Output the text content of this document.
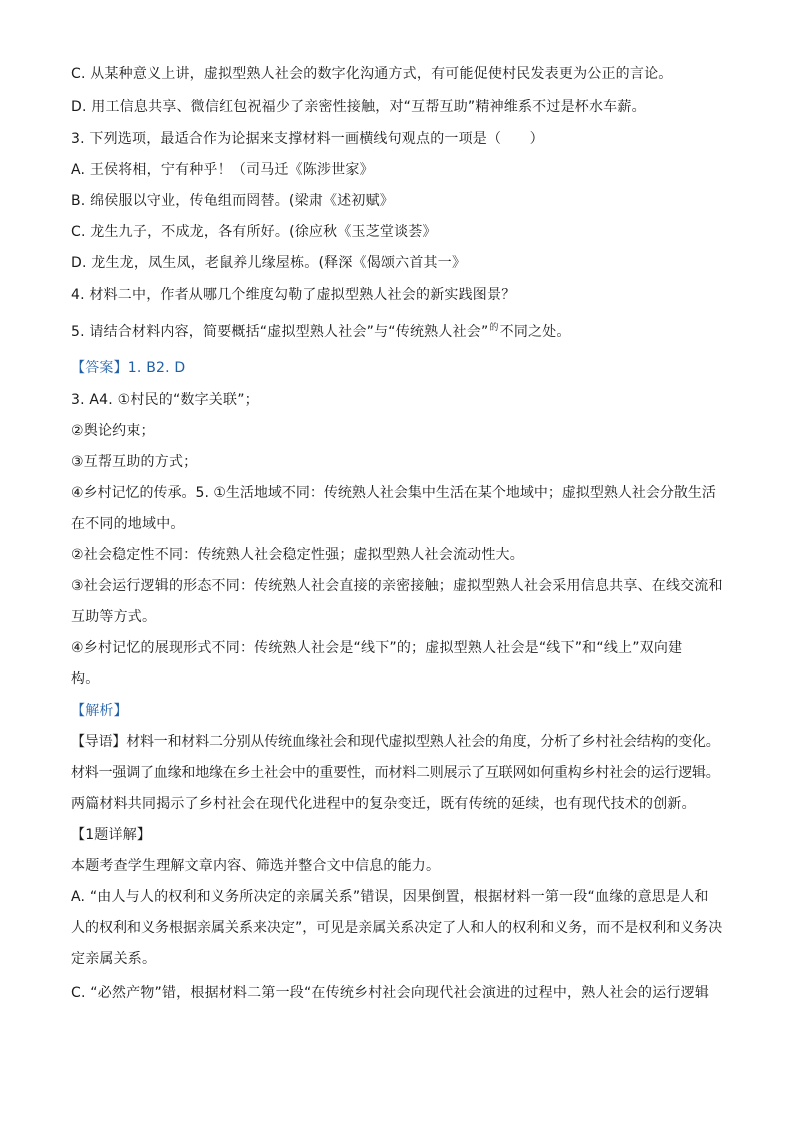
C. 从某种意义上讲，虚拟型熟人社会的数字化沟通方式，有可能促使村民发表更为公正的言论。
D. 用工信息共享、微信红包祝福少了亲密性接触，对“互帮互助”精神维系不过是杯水车薪。
3. 下列选项，最适合作为论据来支撑材料一画横线句观点的一项是（　　）
A. 王侯将相，宁有种乎！（司马迁《陈涉世家》
B. 绵侯服以守业，传龟组而罔替。(梁肃《述初赋》
C. 龙生九子，不成龙，各有所好。(徐应秋《玉芝堂谈荟》
D. 龙生龙，凤生凤，老鼠养儿缘屋栋。(释深《偈颂六首其一》
4. 材料二中，作者从哪几个维度勾勒了虚拟型熟人社会的新实践图景？
5. 请结合材料内容，简要概括“虚拟型熟人社会”与“传统熟人社会”$^的$不同之处。
【答案】1. B2. D
3. A4. ①村民的“数字关联”；
②舆论约束；
③互帮互助的方式；
④乡村记忆的传承。5. ①生活地域不同：传统熟人社会集中生活在某个地域中；虚拟型熟人社会分散生活
在不同的地域中。
②社会稳定性不同：传统熟人社会稳定性强；虚拟型熟人社会流动性大。
③社会运行逻辑的形态不同：传统熟人社会直接的亲密接触；虚拟型熟人社会采用信息共享、在线交流和
互助等方式。
④乡村记忆的展现形式不同：传统熟人社会是“线下”的；虚拟型熟人社会是“线下”和“线上”双向建
构。
【解析】
【导语】材料一和材料二分别从传统血缘社会和现代虚拟型熟人社会的角度，分析了乡村社会结构的变化。
材料一强调了血缘和地缘在乡土社会中的重要性，而材料二则展示了互联网如何重构乡村社会的运行逻辑。
两篇材料共同揭示了乡村社会在现代化进程中的复杂变迁，既有传统的延续，也有现代技术的创新。
【1题详解】
本题考查学生理解文章内容、筛选并整合文中信息的能力。
A. “由人与人的权利和义务所决定的亲属关系”错误，因果倒置，根据材料一第一段“血缘的意思是人和
人的权利和义务根据亲属关系来决定”，可见是亲属关系决定了人和人的权利和义务，而不是权利和义务决
定亲属关系。
C. “必然产物”错，根据材料二第一段“在传统乡村社会向现代社会演进的过程中，熟人社会的运行逻辑
